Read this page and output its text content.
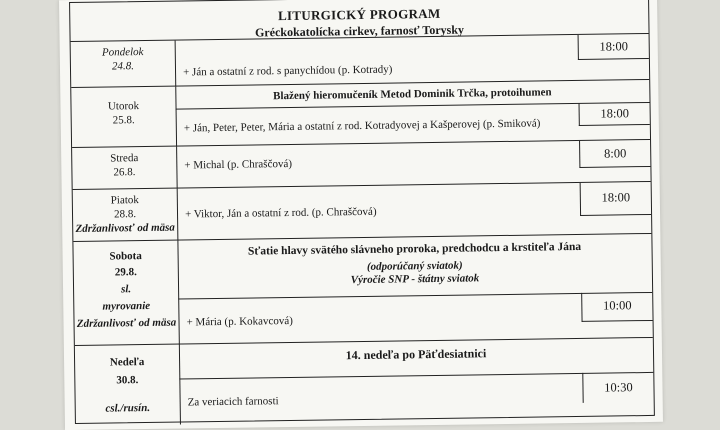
LITURGICKÝ PROGRAM
Gréckokatolícka cirkev, farnosť Torysky
Pondelok
24.8.
18:00
+ Ján a ostatní z rod. s panychídou (p. Kotrady)
Utorok
25.8.
Blažený hieromučeník Metod Dominik Trčka, protoihumen
18:00
+ Ján, Peter, Peter, Mária a ostatní z rod. Kotradyovej a Kašperovej (p. Smiková)
Streda
26.8.
8:00
+ Michal (p. Chraščová)
Piatok
28.8.
Zdržanlivosť od mäsa
18:00
+ Viktor, Ján a ostatní z rod. (p. Chraščová)
Sobota
29.8.
sl.
myrovanie
Zdržanlivosť od mäsa
Sťatie hlavy svätého slávneho proroka, predchodcu a krstiteľa Jána
(odporúčaný sviatok)
Výročie SNP - štátny sviatok
10:00
+ Mária (p. Kokavcová)
Nedeľa
30.8.
csl./rusín.
14. nedeľa po Päťdesiatnici
10:30
Za veriacich farnosti
